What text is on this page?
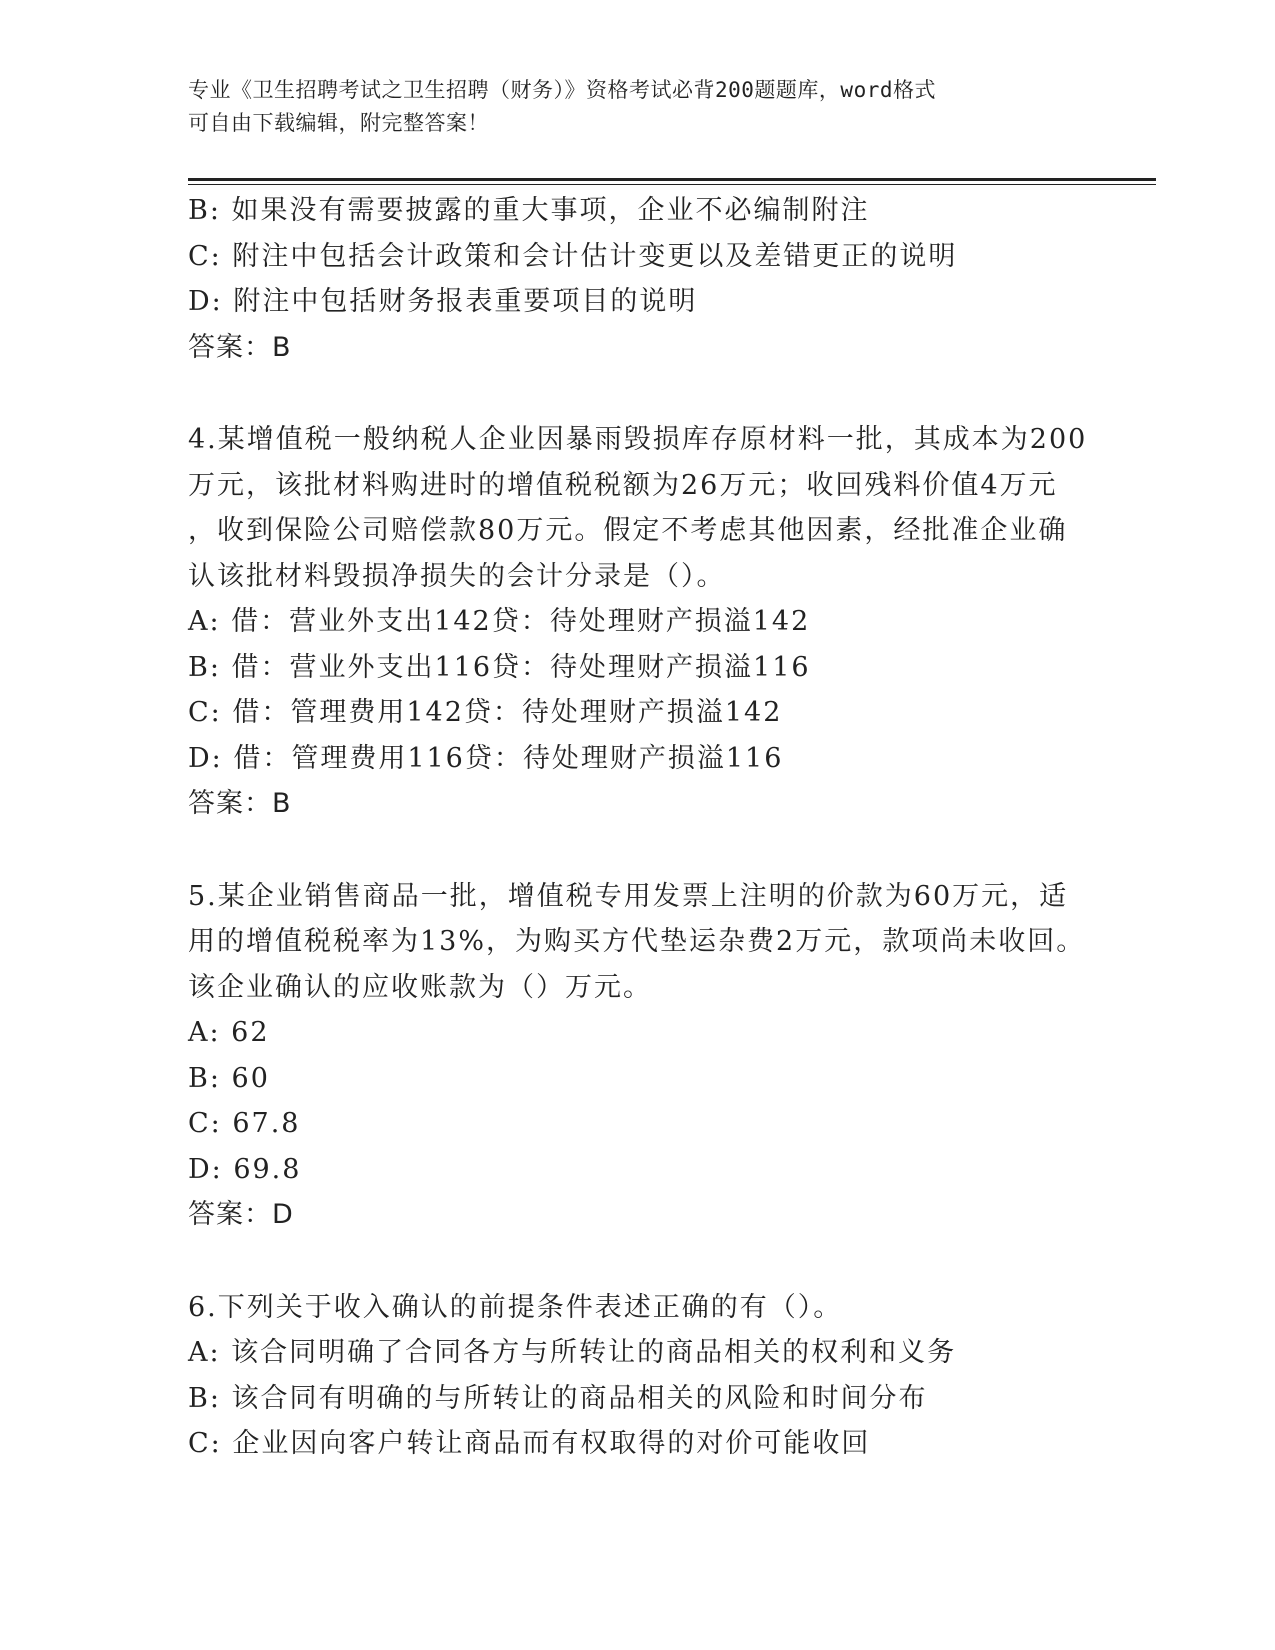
专业《卫生招聘考试之卫生招聘（财务）》资格考试必背200题题库，word格式
可自由下载编辑，附完整答案！
B: 如果没有需要披露的重大事项，企业不必编制附注
C: 附注中包括会计政策和会计估计变更以及差错更正的说明
D: 附注中包括财务报表重要项目的说明
答案：B
4.某增值税一般纳税人企业因暴雨毁损库存原材料一批，其成本为200
万元，该批材料购进时的增值税税额为26万元；收回残料价值4万元
，收到保险公司赔偿款80万元。假定不考虑其他因素，经批准企业确
认该批材料毁损净损失的会计分录是（）。
A: 借：营业外支出142贷：待处理财产损溢142
B: 借：营业外支出116贷：待处理财产损溢116
C: 借：管理费用142贷：待处理财产损溢142
D: 借：管理费用116贷：待处理财产损溢116
答案：B
5.某企业销售商品一批，增值税专用发票上注明的价款为60万元，适
用的增值税税率为13%，为购买方代垫运杂费2万元，款项尚未收回。
该企业确认的应收账款为（）万元。
A: 62
B: 60
C: 67.8
D: 69.8
答案：D
6.下列关于收入确认的前提条件表述正确的有（）。
A: 该合同明确了合同各方与所转让的商品相关的权利和义务
B: 该合同有明确的与所转让的商品相关的风险和时间分布
C: 企业因向客户转让商品而有权取得的对价可能收回
